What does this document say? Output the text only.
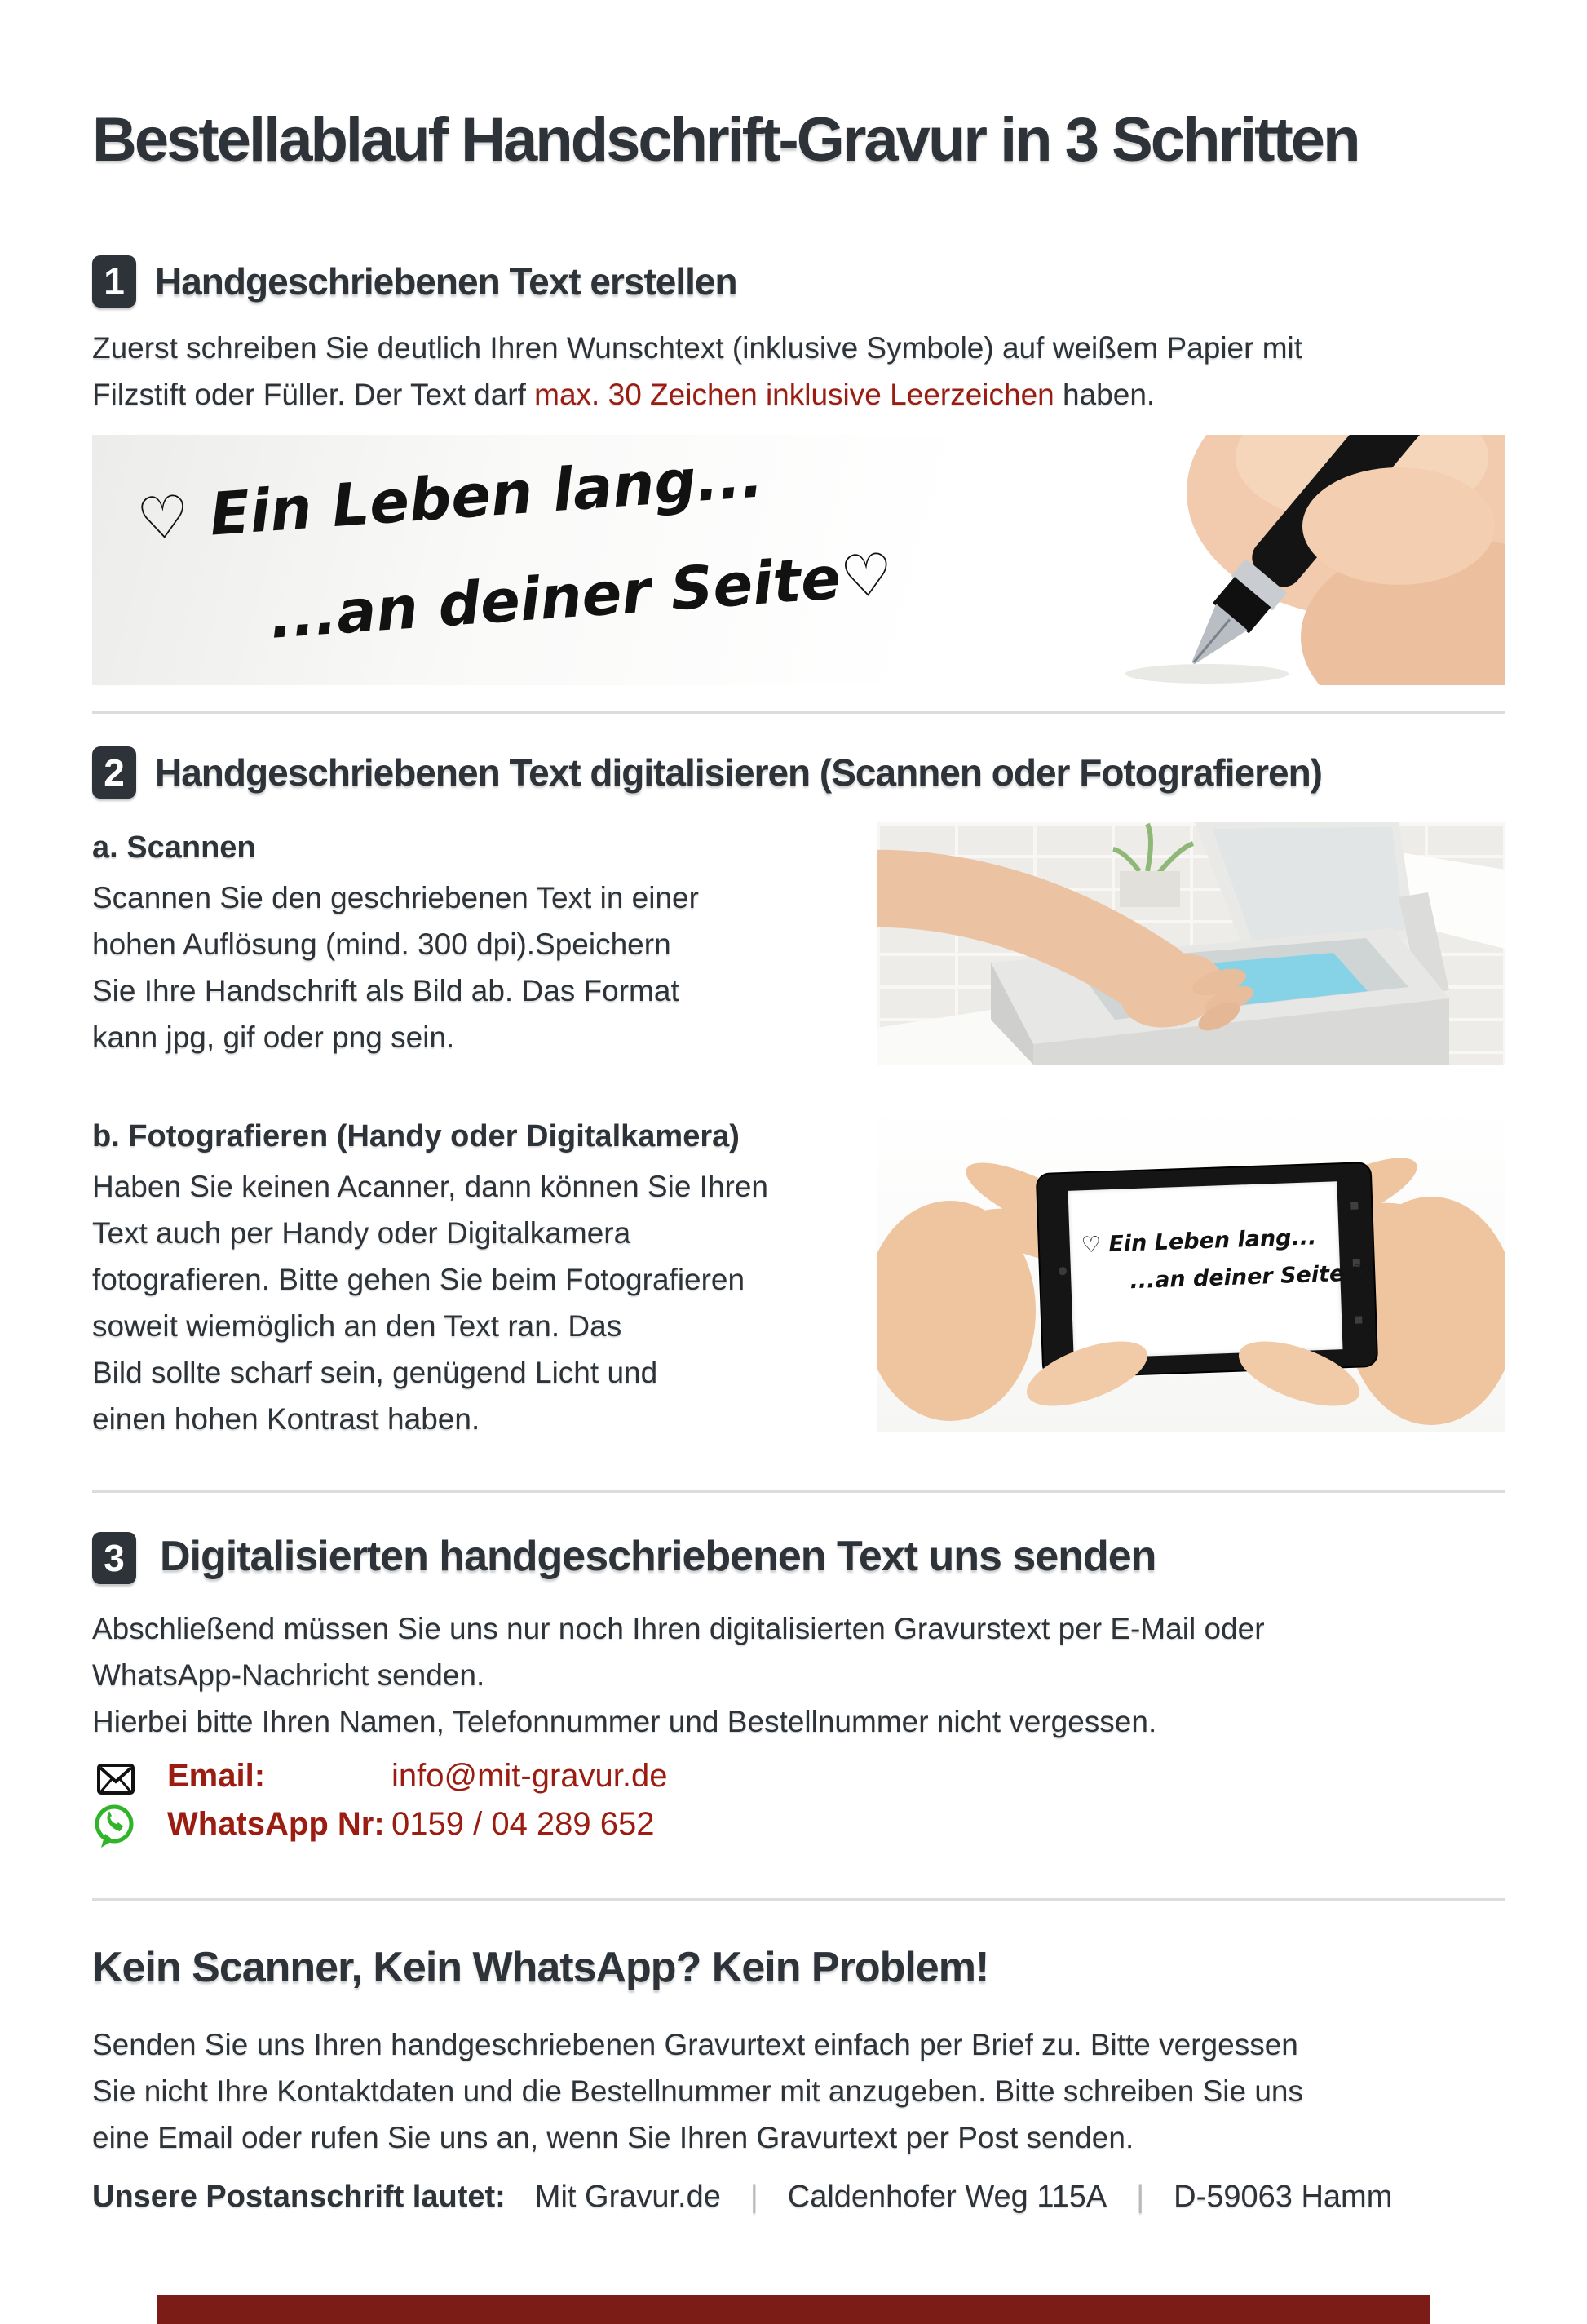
Bestellablauf Handschrift-Gravur in 3 Schritten
1 Handgeschriebenen Text erstellen
Zuerst schreiben Sie deutlich Ihren Wunschtext (inklusive Symbole) auf weißem Papier mit
Filzstift oder Füller. Der Text darf max. 30 Zeichen inklusive Leerzeichen haben.
♡ Ein Leben lang...
...an deiner Seite♡
2 Handgeschriebenen Text digitalisieren (Scannen oder Fotografieren)
a. Scannen
Scannen Sie den geschriebenen Text in einer
hohen Auflösung (mind. 300 dpi).Speichern
Sie Ihre Handschrift als Bild ab. Das Format
kann jpg, gif oder png sein.
b. Fotografieren (Handy oder Digitalkamera)
Haben Sie keinen Acanner, dann können Sie Ihren
Text auch per Handy oder Digitalkamera
fotografieren. Bitte gehen Sie beim Fotografieren
soweit wiemöglich an den Text ran. Das
Bild sollte scharf sein, genügend Licht und
einen hohen Kontrast haben.
♡ Ein Leben lang...
...an deiner Seite ♡
3 Digitalisierten handgeschriebenen Text uns senden
Abschließend müssen Sie uns nur noch Ihren digitalisierten Gravurstext per E-Mail oder
WhatsApp-Nachricht senden.
Hierbei bitte Ihren Namen, Telefonnummer und Bestellnummer nicht vergessen.
Email:	info@mit-gravur.de
WhatsApp Nr: 0159 / 04 289 652
Kein Scanner, Kein WhatsApp? Kein Problem!
Senden Sie uns Ihren handgeschriebenen Gravurtext einfach per Brief zu. Bitte vergessen
Sie nicht Ihre Kontaktdaten und die Bestellnummer mit anzugeben. Bitte schreiben Sie uns
eine Email oder rufen Sie uns an, wenn Sie Ihren Gravurtext per Post senden.
Unsere Postanschrift lautet: Mit Gravur.de | Caldenhofer Weg 115A | D-59063 Hamm
